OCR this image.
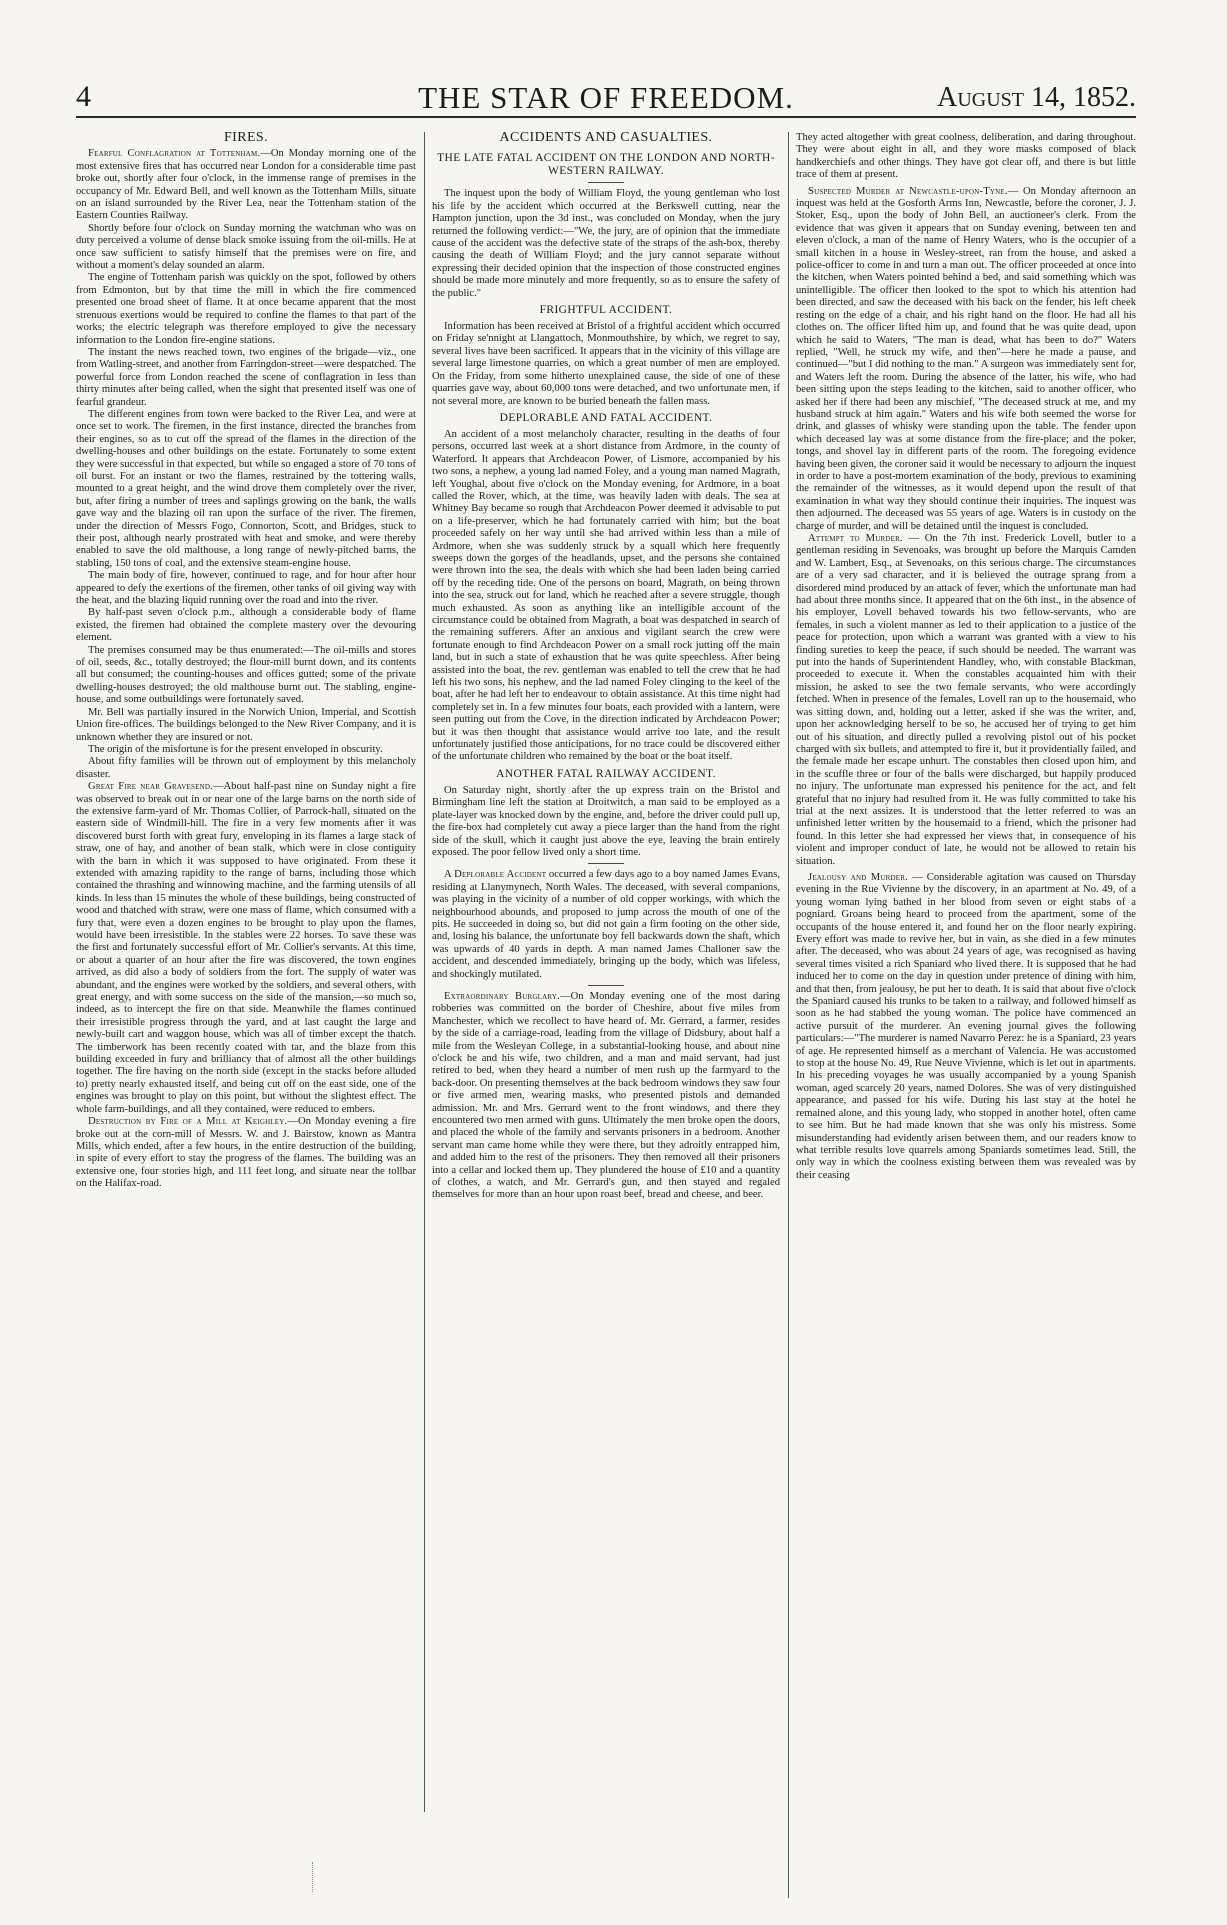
4	THE STAR OF FREEDOM.	August 14, 1852.
FIRES.

Fearful Conflagration at Tottenham.—On Monday morning one of the most extensive fires that has occurred near London for a considerable time past broke out, shortly after four o'clock, in the immense range of premises in the occupancy of Mr. Edward Bell, and well known as the Tottenham Mills, situate on an island surrounded by the River Lea, near the Tottenham station of the Eastern Counties Railway.

Shortly before four o'clock on Sunday morning the watchman who was on duty perceived a volume of dense black smoke issuing from the oil-mills. He at once saw sufficient to satisfy himself that the premises were on fire, and without a moment's delay sounded an alarm.

The engine of Tottenham parish was quickly on the spot, followed by others from Edmonton, but by that time the mill in which the fire commenced presented one broad sheet of flame. It at once became apparent that the most strenuous exertions would be required to confine the flames to that part of the works; the electric telegraph was therefore employed to give the necessary information to the London fire-engine stations.

The instant the news reached town, two engines of the brigade—viz., one from Watling-street, and another from Farringdon-street—were despatched. The powerful force from London reached the scene of conflagration in less than thirty minutes after being called, when the sight that presented itself was one of fearful grandeur.

The different engines from town were backed to the River Lea, and were at once set to work. The firemen, in the first instance, directed the branches from their engines, so as to cut off the spread of the flames in the direction of the dwelling-houses and other buildings on the estate. Fortunately to some extent they were successful in that expected, but while so engaged a store of 70 tons of oil burst. For an instant or two the flames, restrained by the tottering walls, mounted to a great height, and the wind drove them completely over the river, but, after firing a number of trees and saplings growing on the bank, the walls gave way and the blazing oil ran upon the surface of the river. The firemen, under the direction of Messrs Fogo, Connorton, Scott, and Bridges, stuck to their post, although nearly prostrated with heat and smoke, and were thereby enabled to save the old malthouse, a long range of newly-pitched barns, the stabling, 150 tons of coal, and the extensive steam-engine house.

The main body of fire, however, continued to rage, and for hour after hour appeared to defy the exertions of the firemen, other tanks of oil giving way with the heat, and the blazing liquid running over the road and into the river.

By half-past seven o'clock p.m., although a considerable body of flame existed, the firemen had obtained the complete mastery over the devouring element.

The premises consumed may be thus enumerated:—The oil-mills and stores of oil, seeds, &c., totally destroyed; the flour-mill burnt down, and its contents all but consumed; the counting-houses and offices gutted; some of the private dwelling-houses destroyed; the old malthouse burnt out. The stabling, engine-house, and some outbuildings were fortunately saved.

Mr. Bell was partially insured in the Norwich Union, Imperial, and Scottish Union fire-offices. The buildings belonged to the New River Company, and it is unknown whether they are insured or not.

The origin of the misfortune is for the present enveloped in obscurity.

About fifty families will be thrown out of employment by this melancholy disaster.

Great Fire near Gravesend.—About half-past nine on Sunday night a fire was observed to break out in or near one of the large barns on the north side of the extensive farm-yard of Mr. Thomas Collier, of Parrock-hall, situated on the eastern side of Windmill-hill. The fire in a very few moments after it was discovered burst forth with great fury, enveloping in its flames a large stack of straw, one of hay, and another of bean stalk, which were in close contiguity with the barn in which it was supposed to have originated. From these it extended with amazing rapidity to the range of barns, including those which contained the thrashing and winnowing machine, and the farming utensils of all kinds. In less than 15 minutes the whole of these buildings, being constructed of wood and thatched with straw, were one mass of flame, which consumed with a fury that, were even a dozen engines to be brought to play upon the flames, would have been irresistible. In the stables were 22 horses. To save these was the first and fortunately successful effort of Mr. Collier's servants. At this time, or about a quarter of an hour after the fire was discovered, the town engines arrived, as did also a body of soldiers from the fort. The supply of water was abundant, and the engines were worked by the soldiers, and several others, with great energy, and with some success on the side of the mansion,—so much so, indeed, as to intercept the fire on that side. Meanwhile the flames continued their irresistible progress through the yard, and at last caught the large and newly-built cart and waggon house, which was all of timber except the thatch. The timberwork has been recently coated with tar, and the blaze from this building exceeded in fury and brilliancy that of almost all the other buildings together. The fire having on the north side (except in the stacks before alluded to) pretty nearly exhausted itself, and being cut off on the east side, one of the engines was brought to play on this point, but without the slightest effect. The whole farm-buildings, and all they contained, were reduced to embers.

Destruction by Fire of a Mill at Keighley.—On Monday evening a fire broke out at the corn-mill of Messrs. W. and J. Bairstow, known as Mantra Mills, which ended, after a few hours, in the entire destruction of the building, in spite of every effort to stay the progress of the flames. The building was an extensive one, four stories high, and 111 feet long, and situate near the tollbar on the Halifax-road.

ACCIDENTS AND CASUALTIES.
THE LATE FATAL ACCIDENT ON THE LONDON AND NORTH-WESTERN RAILWAY.

The inquest upon the body of William Floyd, the young gentleman who lost his life by the accident which occurred at the Berkswell cutting, near the Hampton junction, upon the 3d inst., was concluded on Monday, when the jury returned the following verdict:—"We, the jury, are of opinion that the immediate cause of the accident was the defective state of the straps of the ash-box, thereby causing the death of William Floyd; and the jury cannot separate without expressing their decided opinion that the inspection of those constructed engines should be made more minutely and more frequently, so as to ensure the safety of the public."

FRIGHTFUL ACCIDENT.

Information has been received at Bristol of a frightful accident which occurred on Friday se'nnight at Llangattoch, Monmouthshire, by which, we regret to say, several lives have been sacrificed. It appears that in the vicinity of this village are several large limestone quarries, on which a great number of men are employed. On the Friday, from some hitherto unexplained cause, the side of one of these quarries gave way, about 60,000 tons were detached, and two unfortunate men, if not several more, are known to be buried beneath the fallen mass.

DEPLORABLE AND FATAL ACCIDENT.

An accident of a most melancholy character, resulting in the deaths of four persons, occurred last week at a short distance from Ardmore, in the county of Waterford. It appears that Archdeacon Power, of Lismore, accompanied by his two sons, a nephew, a young lad named Foley, and a young man named Magrath, left Youghal, about five o'clock on the Monday evening, for Ardmore, in a boat called the Rover, which, at the time, was heavily laden with deals. The sea at Whitney Bay became so rough that Archdeacon Power deemed it advisable to put on a life-preserver, which he had fortunately carried with him; but the boat proceeded safely on her way until she had arrived within less than a mile of Ardmore, when she was suddenly struck by a squall which here frequently sweeps down the gorges of the headlands, upset, and the persons she contained were thrown into the sea, the deals with which she had been laden being carried off by the receding tide. One of the persons on board, Magrath, on being thrown into the sea, struck out for land, which he reached after a severe struggle, though much exhausted. As soon as anything like an intelligible account of the circumstance could be obtained from Magrath, a boat was despatched in search of the remaining sufferers. After an anxious and vigilant search the crew were fortunate enough to find Archdeacon Power on a small rock jutting off the main land, but in such a state of exhaustion that he was quite speechless. After being assisted into the boat, the rev. gentleman was enabled to tell the crew that he had left his two sons, his nephew, and the lad named Foley clinging to the keel of the boat, after he had left her to endeavour to obtain assistance. At this time night had completely set in. In a few minutes four boats, each provided with a lantern, were seen putting out from the Cove, in the direction indicated by Archdeacon Power; but it was then thought that assistance would arrive too late, and the result unfortunately justified those anticipations, for no trace could be discovered either of the unfortunate children who remained by the boat or the boat itself.

ANOTHER FATAL RAILWAY ACCIDENT.

On Saturday night, shortly after the up express train on the Bristol and Birmingham line left the station at Droitwitch, a man said to be employed as a plate-layer was knocked down by the engine, and, before the driver could pull up, the fire-box had completely cut away a piece larger than the hand from the right side of the skull, which it caught just above the eye, leaving the brain entirely exposed. The poor fellow lived only a short time.

A Deplorable Accident occurred a few days ago to a boy named James Evans, residing at Llanymynech, North Wales. The deceased, with several companions, was playing in the vicinity of a number of old copper workings, with which the neighbourhood abounds, and proposed to jump across the mouth of one of the pits. He succeeded in doing so, but did not gain a firm footing on the other side, and, losing his balance, the unfortunate boy fell backwards down the shaft, which was upwards of 40 yards in depth. A man named James Challoner saw the accident, and descended immediately, bringing up the body, which was lifeless, and shockingly mutilated.

Extraordinary Burglary.—On Monday evening one of the most daring robberies was committed on the border of Cheshire, about five miles from Manchester, which we recollect to have heard of. Mr. Gerrard, a farmer, resides by the side of a carriage-road, leading from the village of Didsbury, about half a mile from the Wesleyan College, in a substantial-looking house, and about nine o'clock he and his wife, two children, and a man and maid servant, had just retired to bed, when they heard a number of men rush up the farmyard to the back-door. On presenting themselves at the back bedroom windows they saw four or five armed men, wearing masks, who presented pistols and demanded admission. Mr. and Mrs. Gerrard went to the front windows, and there they encountered two men armed with guns. Ultimately the men broke open the doors, and placed the whole of the family and servants prisoners in a bedroom. Another servant man came home while they were there, but they adroitly entrapped him, and added him to the rest of the prisoners. They then removed all their prisoners into a cellar and locked them up. They plundered the house of £10 and a quantity of clothes, a watch, and Mr. Gerrard's gun, and then stayed and regaled themselves for more than an hour upon roast beef, bread and cheese, and beer.

They acted altogether with great coolness, deliberation, and daring throughout. They were about eight in all, and they wore masks composed of black handkerchiefs and other things. They have got clear off, and there is but little trace of them at present.

Suspected Murder at Newcastle-upon-Tyne.— On Monday afternoon an inquest was held at the Gosforth Arms Inn, Newcastle, before the coroner, J. J. Stoker, Esq., upon the body of John Bell, an auctioneer's clerk. From the evidence that was given it appears that on Sunday evening, between ten and eleven o'clock, a man of the name of Henry Waters, who is the occupier of a small kitchen in a house in Wesley-street, ran from the house, and asked a police-officer to come in and turn a man out. The officer proceeded at once into the kitchen, when Waters pointed behind a bed, and said something which was unintelligible. The officer then looked to the spot to which his attention had been directed, and saw the deceased with his back on the fender, his left cheek resting on the edge of a chair, and his right hand on the floor. He had all his clothes on. The officer lifted him up, and found that he was quite dead, upon which he said to Waters, "The man is dead, what has been to do?" Waters replied, "Well, he struck my wife, and then"—here he made a pause, and continued—"but I did nothing to the man." A surgeon was immediately sent for, and Waters left the room. During the absence of the latter, his wife, who had been sitting upon the steps leading to the kitchen, said to another officer, who asked her if there had been any mischief, "The deceased struck at me, and my husband struck at him again." Waters and his wife both seemed the worse for drink, and glasses of whisky were standing upon the table. The fender upon which deceased lay was at some distance from the fire-place; and the poker, tongs, and shovel lay in different parts of the room. The foregoing evidence having been given, the coroner said it would be necessary to adjourn the inquest in order to have a post-mortem examination of the body, previous to examining the remainder of the witnesses, as it would depend upon the result of that examination in what way they should continue their inquiries. The inquest was then adjourned. The deceased was 55 years of age. Waters is in custody on the charge of murder, and will be detained until the inquest is concluded.

Attempt to Murder. — On the 7th inst. Frederick Lovell, butler to a gentleman residing in Sevenoaks, was brought up before the Marquis Camden and W. Lambert, Esq., at Sevenoaks, on this serious charge. The circumstances are of a very sad character, and it is believed the outrage sprang from a disordered mind produced by an attack of fever, which the unfortunate man had had about three months since. It appeared that on the 6th inst., in the absence of his employer, Lovell behaved towards his two fellow-servants, who are females, in such a violent manner as led to their application to a justice of the peace for protection, upon which a warrant was granted with a view to his finding sureties to keep the peace, if such should be needed. The warrant was put into the hands of Superintendent Handley, who, with constable Blackman, proceeded to execute it. When the constables acquainted him with their mission, he asked to see the two female servants, who were accordingly fetched. When in presence of the females, Lovell ran up to the housemaid, who was sitting down, and, holding out a letter, asked if she was the writer, and, upon her acknowledging herself to be so, he accused her of trying to get him out of his situation, and directly pulled a revolving pistol out of his pocket charged with six bullets, and attempted to fire it, but it providentially failed, and the female made her escape unhurt. The constables then closed upon him, and in the scuffle three or four of the balls were discharged, but happily produced no injury. The unfortunate man expressed his penitence for the act, and felt grateful that no injury had resulted from it. He was fully committed to take his trial at the next assizes. It is understood that the letter referred to was an unfinished letter written by the housemaid to a friend, which the prisoner had found. In this letter she had expressed her views that, in consequence of his violent and improper conduct of late, he would not be allowed to retain his situation.

Jealousy and Murder. — Considerable agitation was caused on Thursday evening in the Rue Vivienne by the discovery, in an apartment at No. 49, of a young woman lying bathed in her blood from seven or eight stabs of a pogniard. Groans being heard to proceed from the apartment, some of the occupants of the house entered it, and found her on the floor nearly expiring. Every effort was made to revive her, but in vain, as she died in a few minutes after. The deceased, who was about 24 years of age, was recognised as having several times visited a rich Spaniard who lived there. It is supposed that he had induced her to come on the day in question under pretence of dining with him, and that then, from jealousy, he put her to death. It is said that about five o'clock the Spaniard caused his trunks to be taken to a railway, and followed himself as soon as he had stabbed the young woman. The police have commenced an active pursuit of the murderer. An evening journal gives the following particulars:—"The murderer is named Navarro Perez: he is a Spaniard, 23 years of age. He represented himself as a merchant of Valencia. He was accustomed to stop at the house No. 49, Rue Neuve Vivienne, which is let out in apartments. In his preceding voyages he was usually accompanied by a young Spanish woman, aged scarcely 20 years, named Dolores. She was of very distinguished appearance, and passed for his wife. During his last stay at the hotel he remained alone, and this young lady, who stopped in another hotel, often came to see him. But he had made known that she was only his mistress. Some misunderstanding had evidently arisen between them, and our readers know to what terrible results love quarrels among Spaniards sometimes lead. Still, the only way in which the coolness existing between them was revealed was by their ceasing
